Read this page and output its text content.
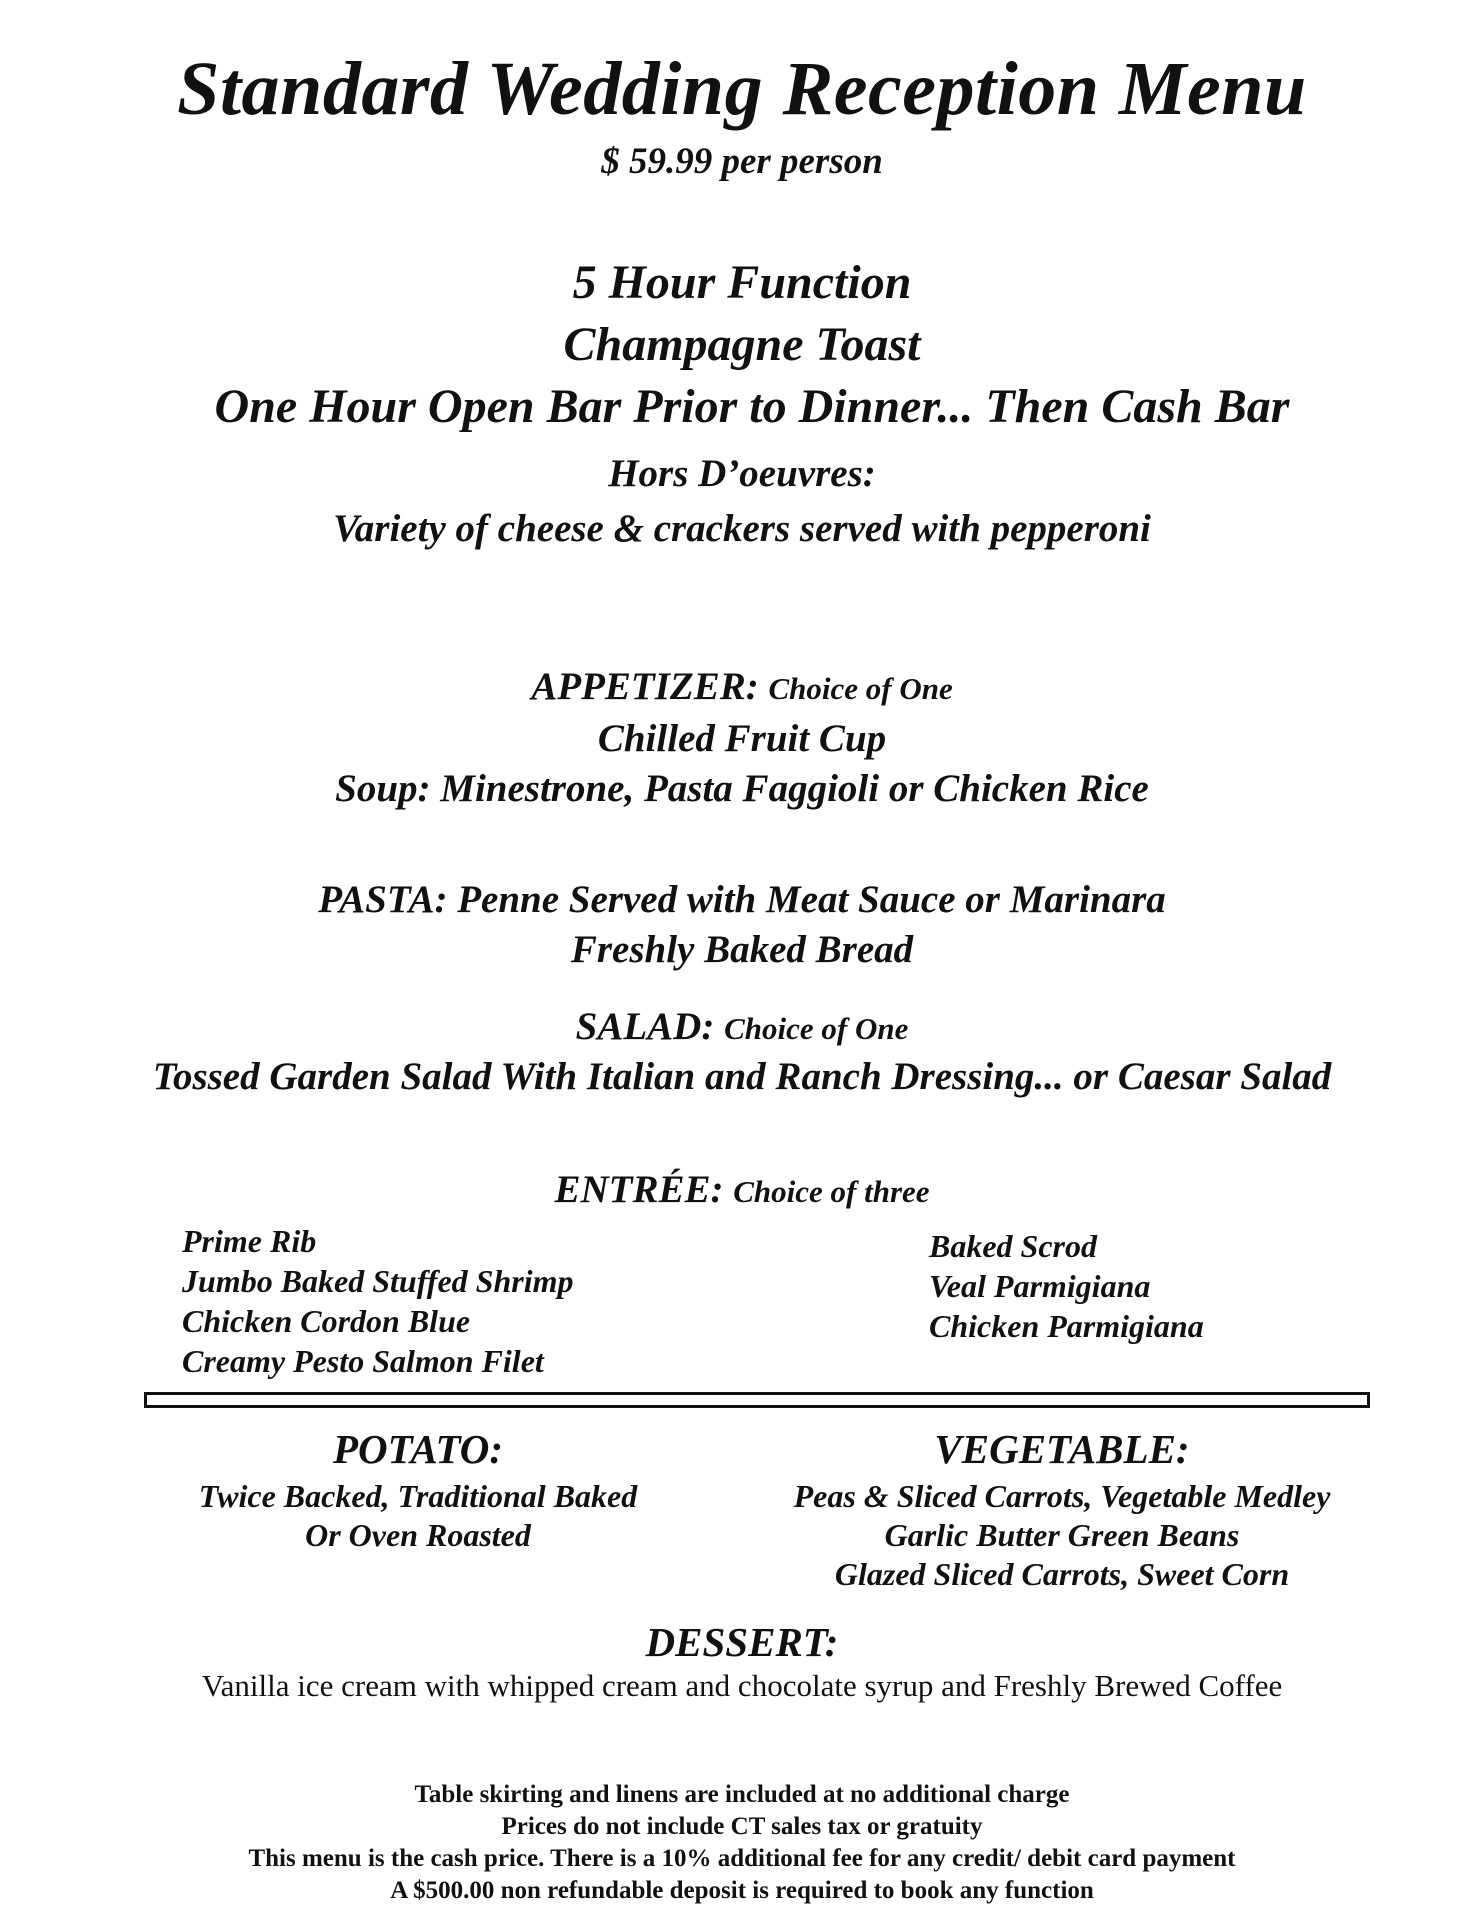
Standard Wedding Reception Menu
$ 59.99 per person
5 Hour Function
Champagne Toast
One Hour Open Bar Prior to Dinner... Then Cash Bar
Hors D’oeuvres:
Variety of cheese & crackers served with pepperoni
APPETIZER: Choice of One
Chilled Fruit Cup
Soup: Minestrone, Pasta Faggioli or Chicken Rice
PASTA: Penne Served with Meat Sauce or Marinara
Freshly Baked Bread
SALAD: Choice of One
Tossed Garden Salad With Italian and Ranch Dressing... or Caesar Salad
ENTRÉE: Choice of three
Prime Rib
Jumbo Baked Stuffed Shrimp
Chicken Cordon Blue
Creamy Pesto Salmon Filet
Baked Scrod
Veal Parmigiana
Chicken Parmigiana
POTATO:
Twice Backed, Traditional Baked
Or Oven Roasted
VEGETABLE:
Peas & Sliced Carrots, Vegetable Medley
Garlic Butter Green Beans
Glazed Sliced Carrots, Sweet Corn
DESSERT:
Vanilla ice cream with whipped cream and chocolate syrup and Freshly Brewed Coffee
Table skirting and linens are included at no additional charge
Prices do not include CT sales tax or gratuity
This menu is the cash price. There is a 10% additional fee for any credit/ debit card payment
A $500.00 non refundable deposit is required to book any function
